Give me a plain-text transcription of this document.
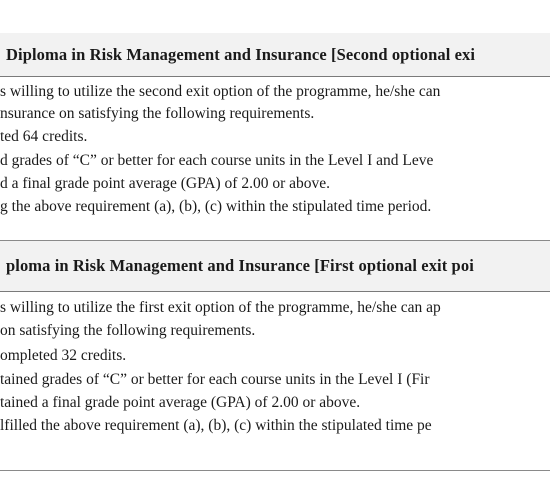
Diploma in Risk Management and Insurance [Second optional exi
s willing to utilize the second exit option of the programme, he/she can
nsurance on satisfying the following requirements.
ted 64 credits.
d grades of “C” or better for each course units in the Level I and Leve
d a final grade point average (GPA) of 2.00 or above.
g the above requirement (a), (b), (c) within the stipulated time period.
ploma in Risk Management and Insurance [First optional exit poi
s willing to utilize the first exit option of the programme, he/she can ap
on satisfying the following requirements.
ompleted 32 credits.
tained grades of “C” or better for each course units in the Level I (Fir
tained a final grade point average (GPA) of 2.00 or above.
lfilled the above requirement (a), (b), (c) within the stipulated time pe
